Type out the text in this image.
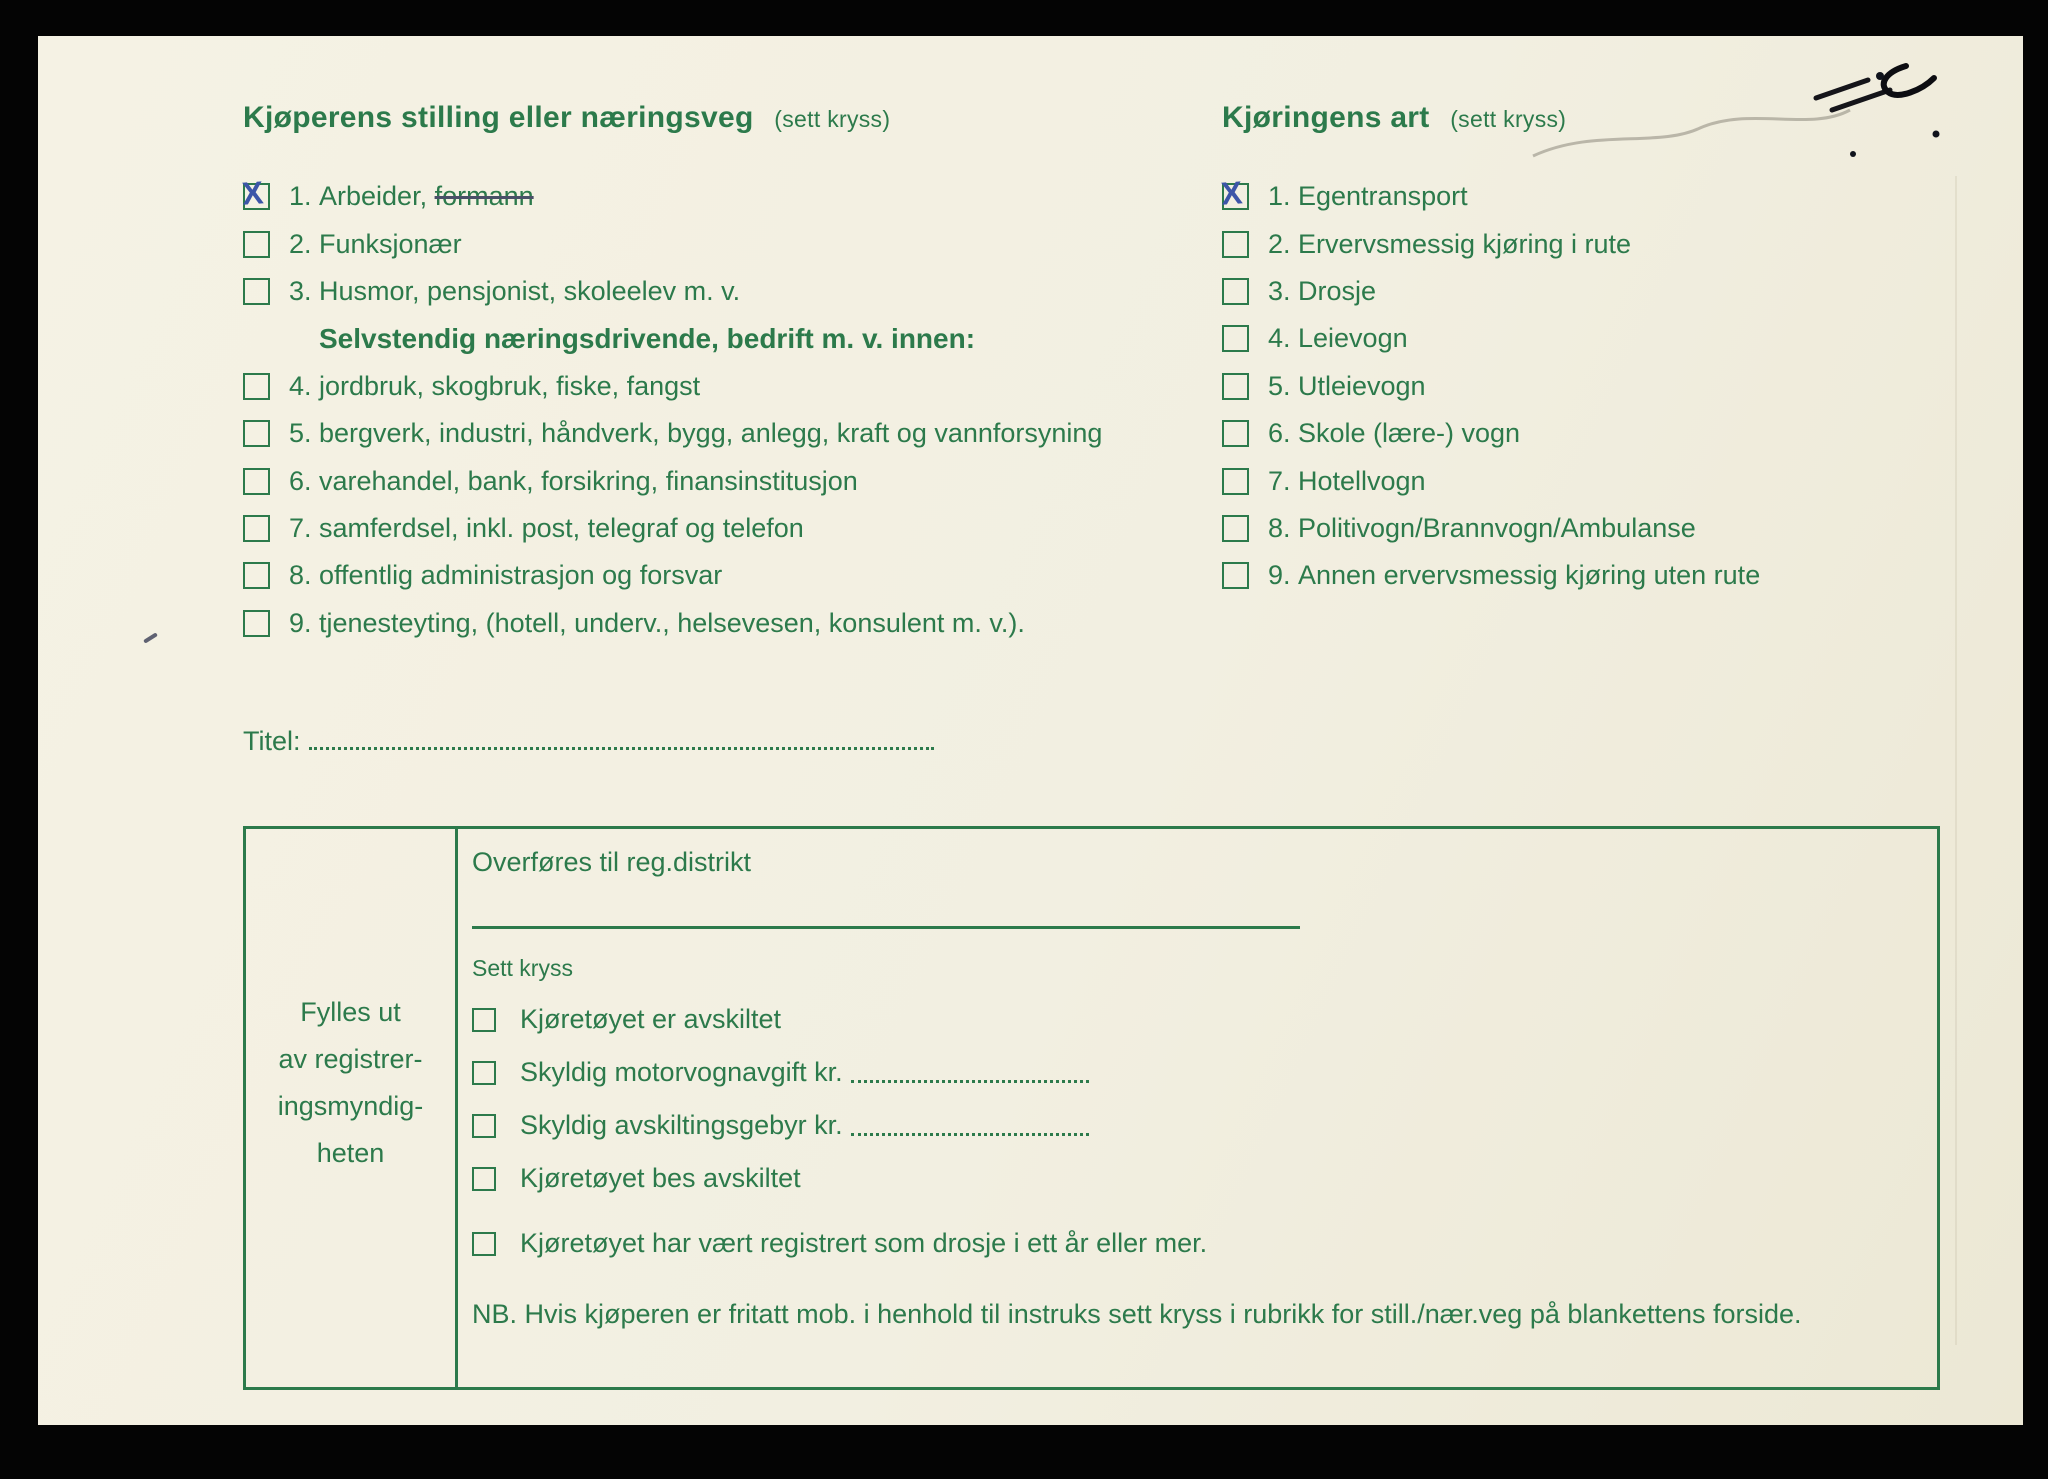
Kjøperens stilling eller næringsveg (sett kryss)
X 1. Arbeider, formann
2. Funksjonær
3. Husmor, pensjonist, skoleelev m. v.
Selvstendig næringsdrivende, bedrift m. v. innen:
4. jordbruk, skogbruk, fiske, fangst
5. bergverk, industri, håndverk, bygg, anlegg, kraft og vannforsyning
6. varehandel, bank, forsikring, finansinstitusjon
7. samferdsel, inkl. post, telegraf og telefon
8. offentlig administrasjon og forsvar
9. tjenesteyting, (hotell, underv., helsevesen, konsulent m. v.).
Kjøringens art (sett kryss)
X 1. Egentransport
2. Ervervsmessig kjøring i rute
3. Drosje
4. Leievogn
5. Utleievogn
6. Skole (lære-) vogn
7. Hotellvogn
8. Politivogn/Brannvogn/Ambulanse
9. Annen ervervsmessig kjøring uten rute
Titel:
Fylles ut
av registrer-
ingsmyndig-
heten
Overføres til reg.distrikt
Sett kryss
Kjøretøyet er avskiltet
Skyldig motorvognavgift kr.
Skyldig avskiltingsgebyr kr.
Kjøretøyet bes avskiltet
Kjøretøyet har vært registrert som drosje i ett år eller mer.
NB. Hvis kjøperen er fritatt mob. i henhold til instruks sett kryss i rubrikk for still./nær.veg på blankettens forside.
